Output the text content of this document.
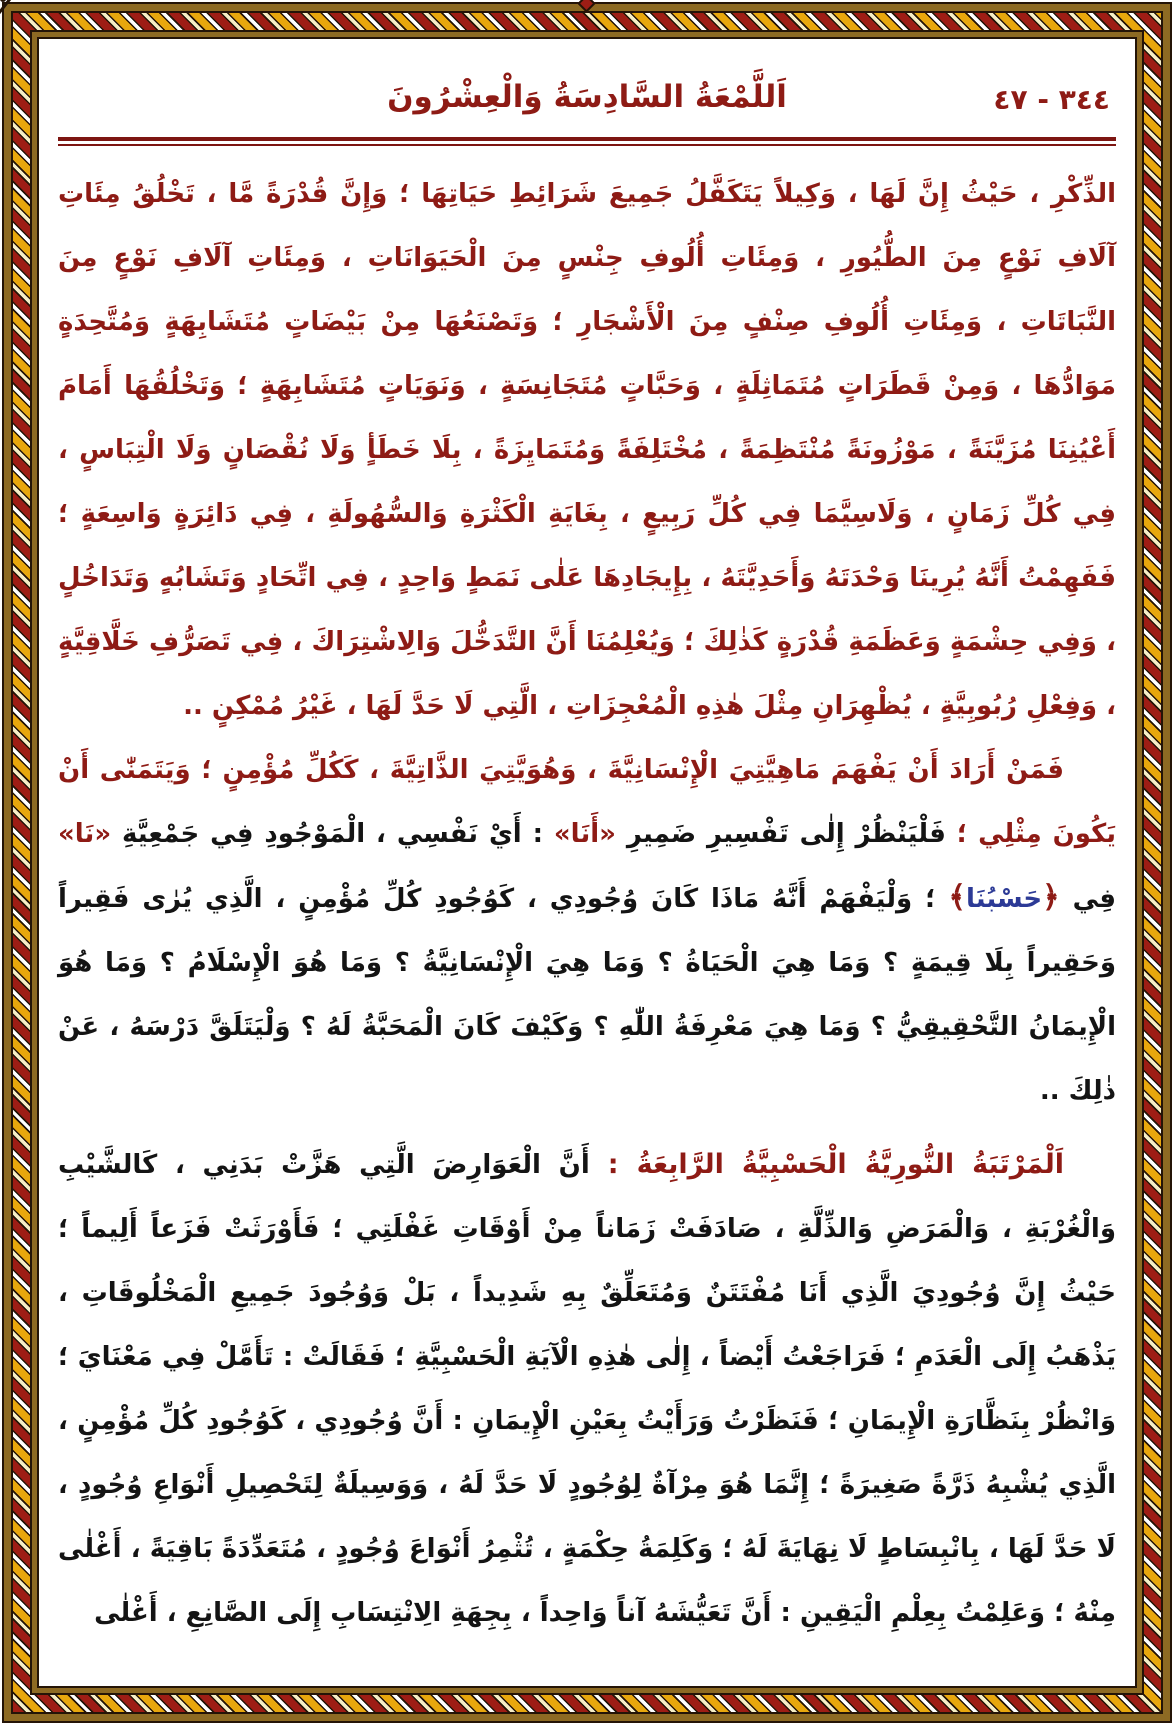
٣٤٤ - ٤٧
اَللَّمْعَةُ السَّادِسَةُ وَالْعِشْرُونَ

الذِّكْرِ ، حَيْثُ إِنَّ لَهَا ، وَكِيلاً يَتَكَفَّلُ جَمِيعَ شَرَائِطِ حَيَاتِهَا ؛ وَإِنَّ قُدْرَةً مَّا ، تَخْلُقُ مِئَاتِ آلَافِ نَوْعٍ مِنَ الطُّيُورِ ، وَمِئَاتِ أُلُوفِ جِنْسٍ مِنَ الْحَيَوَانَاتِ ، وَمِئَاتِ آلَافِ نَوْعٍ مِنَ النَّبَاتَاتِ ، وَمِئَاتِ أُلُوفِ صِنْفٍ مِنَ الْأَشْجَارِ ؛ وَتَصْنَعُهَا مِنْ بَيْضَاتٍ مُتَشَابِهَةٍ وَمُتَّحِدَةٍ مَوَادُّهَا ، وَمِنْ قَطَرَاتٍ مُتَمَاثِلَةٍ ، وَحَبَّاتٍ مُتَجَانِسَةٍ ، وَنَوَيَاتٍ مُتَشَابِهَةٍ ؛ وَتَخْلُقُهَا أَمَامَ أَعْيُنِنَا مُزَيَّنَةً ، مَوْزُونَةً مُنْتَظِمَةً ، مُخْتَلِفَةً وَمُتَمَايِزَةً ، بِلَا خَطَأٍ وَلَا نُقْصَانٍ وَلَا الْتِبَاسٍ ، فِي كُلِّ زَمَانٍ ، وَلَاسِيَّمَا فِي كُلِّ رَبِيعٍ ، بِغَايَةِ الْكَثْرَةِ وَالسُّهُولَةِ ، فِي دَائِرَةٍ وَاسِعَةٍ ؛ فَفَهِمْتُ أَنَّهُ يُرِينَا وَحْدَتَهُ وَأَحَدِيَّتَهُ ، بِإِيجَادِهَا عَلٰى نَمَطٍ وَاحِدٍ ، فِي اتِّحَادٍ وَتَشَابُهٍ وَتَدَاخُلٍ ، وَفِي حِشْمَةٍ وَعَظَمَةِ قُدْرَةٍ كَذٰلِكَ ؛ وَيُعْلِمُنَا أَنَّ التَّدَخُّلَ وَالِاشْتِرَاكَ ، فِي تَصَرُّفِ خَلَّاقِيَّةٍ ، وَفِعْلِ رُبُوبِيَّةٍ ، يُظْهِرَانِ مِثْلَ هٰذِهِ الْمُعْجِزَاتِ ، الَّتِي لَا حَدَّ لَهَا ، غَيْرُ مُمْكِنٍ ..

فَمَنْ أَرَادَ أَنْ يَفْهَمَ مَاهِيَّتِيَ الْإِنْسَانِيَّةَ ، وَهُوَيَّتِيَ الذَّاتِيَّةَ ، كَكُلِّ مُؤْمِنٍ ؛ وَيَتَمَنّٰى أَنْ يَكُونَ مِثْلِي ؛ فَلْيَنْظُرْ إِلٰى تَفْسِيرِ ضَمِيرِ «أَنَا» : أَيْ نَفْسِي ، الْمَوْجُودِ فِي جَمْعِيَّةِ «نَا» فِي ﴿حَسْبُنَا﴾ ؛ وَلْيَفْهَمْ أَنَّهُ مَاذَا كَانَ وُجُودِي ، كَوُجُودِ كُلِّ مُؤْمِنٍ ، الَّذِي يُرٰى فَقِيراً وَحَقِيراً بِلَا قِيمَةٍ ؟ وَمَا هِيَ الْحَيَاةُ ؟ وَمَا هِيَ الْإِنْسَانِيَّةُ ؟ وَمَا هُوَ الْإِسْلَامُ ؟ وَمَا هُوَ الْإِيمَانُ التَّحْقِيقِيُّ ؟ وَمَا هِيَ مَعْرِفَةُ اللّٰهِ ؟ وَكَيْفَ كَانَ الْمَحَبَّةُ لَهُ ؟ وَلْيَتَلَقَّ دَرْسَهُ ، عَنْ ذٰلِكَ ..

اَلْمَرْتَبَةُ النُّورِيَّةُ الْحَسْبِيَّةُ الرَّابِعَةُ : أَنَّ الْعَوَارِضَ الَّتِي هَزَّتْ بَدَنِي ، كَالشَّيْبِ وَالْغُرْبَةِ ، وَالْمَرَضِ وَالذِّلَّةِ ، صَادَفَتْ زَمَاناً مِنْ أَوْقَاتِ غَفْلَتِي ؛ فَأَوْرَثَتْ فَزَعاً أَلِيماً ؛ حَيْثُ إِنَّ وُجُودِيَ الَّذِي أَنَا مُفْتَتَنٌ وَمُتَعَلِّقٌ بِهِ شَدِيداً ، بَلْ وَوُجُودَ جَمِيعِ الْمَخْلُوقَاتِ ، يَذْهَبُ إِلَى الْعَدَمِ ؛ فَرَاجَعْتُ أَيْضاً ، إِلٰى هٰذِهِ الْآيَةِ الْحَسْبِيَّةِ ؛ فَقَالَتْ : تَأَمَّلْ فِي مَعْنَايَ ؛ وَانْظُرْ بِنَظَّارَةِ الْإِيمَانِ ؛ فَنَظَرْتُ وَرَأَيْتُ بِعَيْنِ الْإِيمَانِ : أَنَّ وُجُودِي ، كَوُجُودِ كُلِّ مُؤْمِنٍ ، الَّذِي يُشْبِهُ ذَرَّةً صَغِيرَةً ؛ إِنَّمَا هُوَ مِرْآةٌ لِوُجُودٍ لَا حَدَّ لَهُ ، وَوَسِيلَةٌ لِتَحْصِيلِ أَنْوَاعِ وُجُودٍ ، لَا حَدَّ لَهَا ، بِانْبِسَاطٍ لَا نِهَايَةَ لَهُ ؛ وَكَلِمَةُ حِكْمَةٍ ، تُثْمِرُ أَنْوَاعَ وُجُودٍ ، مُتَعَدِّدَةً بَاقِيَةً ، أَغْلٰى مِنْهُ ؛ وَعَلِمْتُ بِعِلْمِ الْيَقِينِ : أَنَّ تَعَيُّشَهُ آناً وَاحِداً ، بِجِهَةِ الِانْتِسَابِ إِلَى الصَّانِعِ ، أَغْلٰى
